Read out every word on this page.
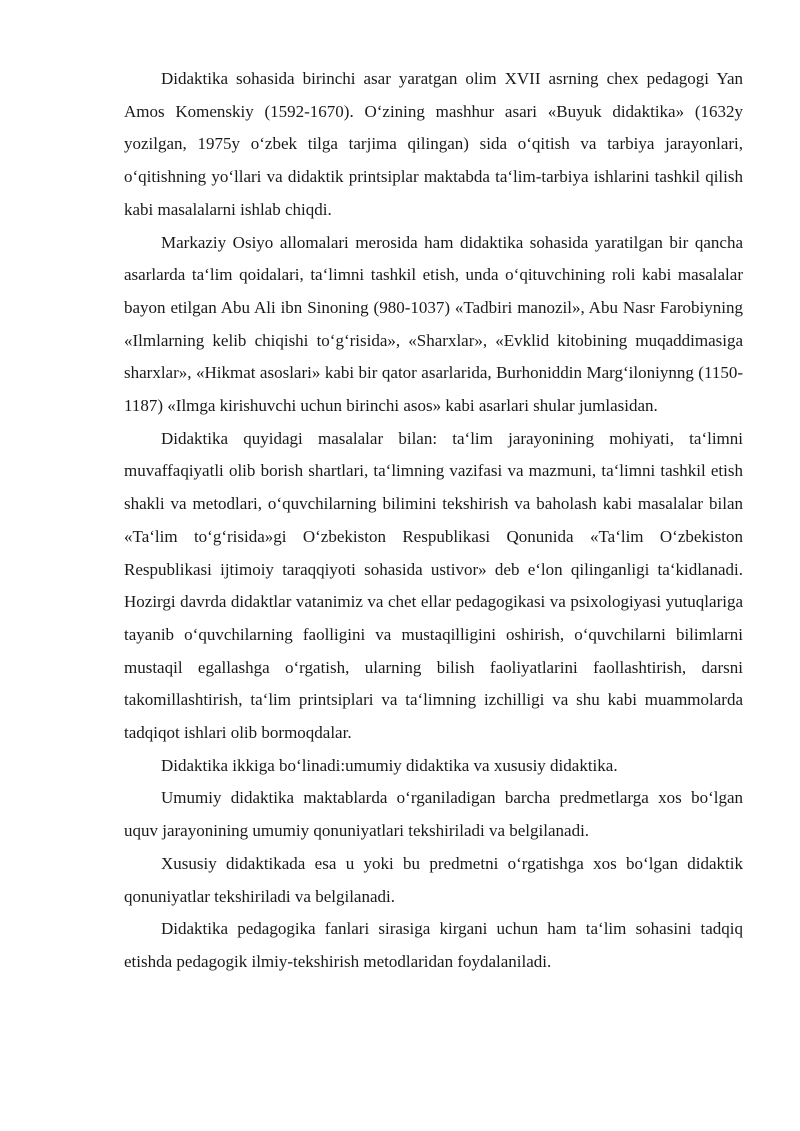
Didaktika sohasida birinchi asar yaratgan olim XVII asrning chex pedagogi Yan Amos Komenskiy (1592-1670). O‘zining mashhur asari «Buyuk didaktika» (1632y yozilgan, 1975y o‘zbek tilga tarjima qilingan) sida o‘qitish va tarbiya jarayonlari, o‘qitishning yo‘llari va didaktik printsiplar maktabda ta‘lim-tarbiya ishlarini tashkil qilish kabi masalalarni ishlab chiqdi.

Markaziy Osiyo allomalari merosida ham didaktika sohasida yaratilgan bir qancha asarlarda ta‘lim qoidalari, ta‘limni tashkil etish, unda o‘qituvchining roli kabi masalalar bayon etilgan Abu Ali ibn Sinoning (980-1037) «Tadbiri manozil», Abu Nasr Farobiyning «Ilmlarning kelib chiqishi to‘g‘risida», «Sharxlar», «Evklid kitobining muqaddimasiga sharxlar», «Hikmat asoslari» kabi bir qator asarlarida, Burhoniddin Marg‘iloniynng (1150-1187) «Ilmga kirishuvchi uchun birinchi asos» kabi asarlari shular jumlasidan.

Didaktika quyidagi masalalar bilan: ta‘lim jarayonining mohiyati, ta‘limni muvaffaqiyatli olib borish shartlari, ta‘limning vazifasi va mazmuni, ta‘limni tashkil etish shakli va metodlari, o‘quvchilarning bilimini tekshirish va baholash kabi masalalar bilan «Ta‘lim to‘g‘risida»gi O‘zbekiston Respublikasi Qonunida «Ta‘lim O‘zbekiston Respublikasi ijtimoiy taraqqiyoti sohasida ustivor» deb e‘lon qilinganligi ta‘kidlanadi. Hozirgi davrda didaktlar vatanimiz va chet ellar pedagogikasi va psixologiyasi yutuqlariga tayanib o‘quvchilarning faolligini va mustaqilligini oshirish, o‘quvchilarni bilimlarni mustaqil egallashga o‘rgatish, ularning bilish faoliyatlarini faollashtirish, darsni takomillashtirish, ta‘lim printsiplari va ta‘limning izchilligi va shu kabi muammolarda tadqiqot ishlari olib bormoqdalar.

Didaktika ikkiga bo‘linadi:umumiy didaktika va xususiy didaktika.

Umumiy didaktika maktablarda o‘rganiladigan barcha predmetlarga xos bo‘lgan uquv jarayonining umumiy qonuniyatlari tekshiriladi va belgilanadi.

Xususiy didaktikada esa u yoki bu predmetni o‘rgatishga xos bo‘lgan didaktik qonuniyatlar tekshiriladi va belgilanadi.

Didaktika pedagogika fanlari sirasiga kirgani uchun ham ta‘lim sohasini tadqiq etishda pedagogik ilmiy-tekshirish metodlaridan foydalaniladi.
